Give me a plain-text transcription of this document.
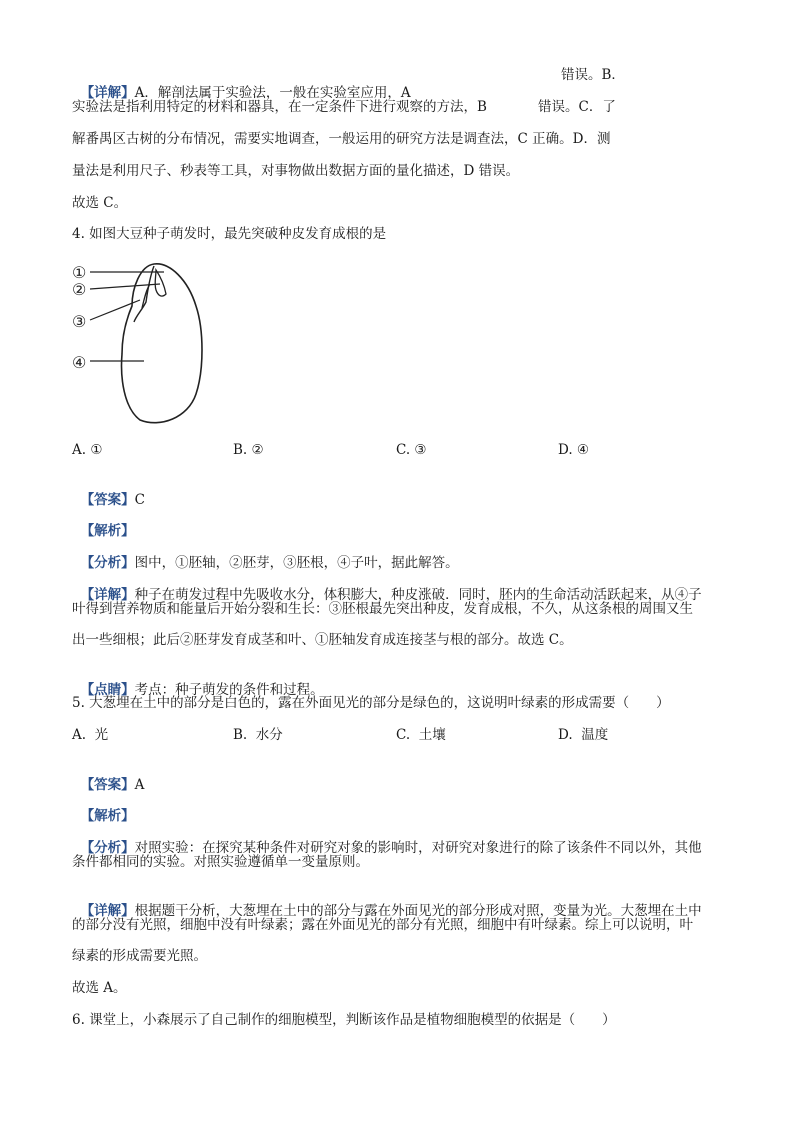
【详解】A．解剖法属于实验法，一般在实验室应用，A

错误。B．
实验法是指利用特定的材料和器具，在一定条件下进行观察的方法，B	错误。C．了
解番禺区古树的分布情况，需要实地调查，一般运用的研究方法是调查法，C 正确。D．测
量法是利用尺子、秒表等工具，对事物做出数据方面的量化描述，D 错误。
故选 C。
4. 如图大豆种子萌发时，最先突破种皮发育成根的是
①
②
③
④
A. ①	B. ②	C. ③	D. ④

【答案】C

【解析】

【分析】图中，①胚轴，②胚芽，③胚根，④子叶，据此解答。

【详解】种子在萌发过程中先吸收水分，体积膨大，种皮涨破．同时，胚内的生命活动活跃起来，从④子

叶得到营养物质和能量后开始分裂和生长：③胚根最先突出种皮，发育成根，不久，从这条根的周围又生
出一些细根；此后②胚芽发育成茎和叶、①胚轴发育成连接茎与根的部分。故选 C。

【点睛】考点：种子萌发的条件和过程。

5. 大葱埋在土中的部分是白色的，露在外面见光的部分是绿色的，这说明叶绿素的形成需要（　　）
A.  光	B.  水分	C.  土壤	D.  温度

【答案】A

【解析】

【分析】对照实验：在探究某种条件对研究对象的影响时，对研究对象进行的除了该条件不同以外，其他

条件都相同的实验。对照实验遵循单一变量原则。

【详解】根据题干分析，大葱埋在土中的部分与露在外面见光的部分形成对照，变量为光。大葱埋在土中

的部分没有光照，细胞中没有叶绿素；露在外面见光的部分有光照，细胞中有叶绿素。综上可以说明，叶
绿素的形成需要光照。
故选 A。
6. 课堂上，小森展示了自己制作的细胞模型，判断该作品是植物细胞模型的依据是（　　）
